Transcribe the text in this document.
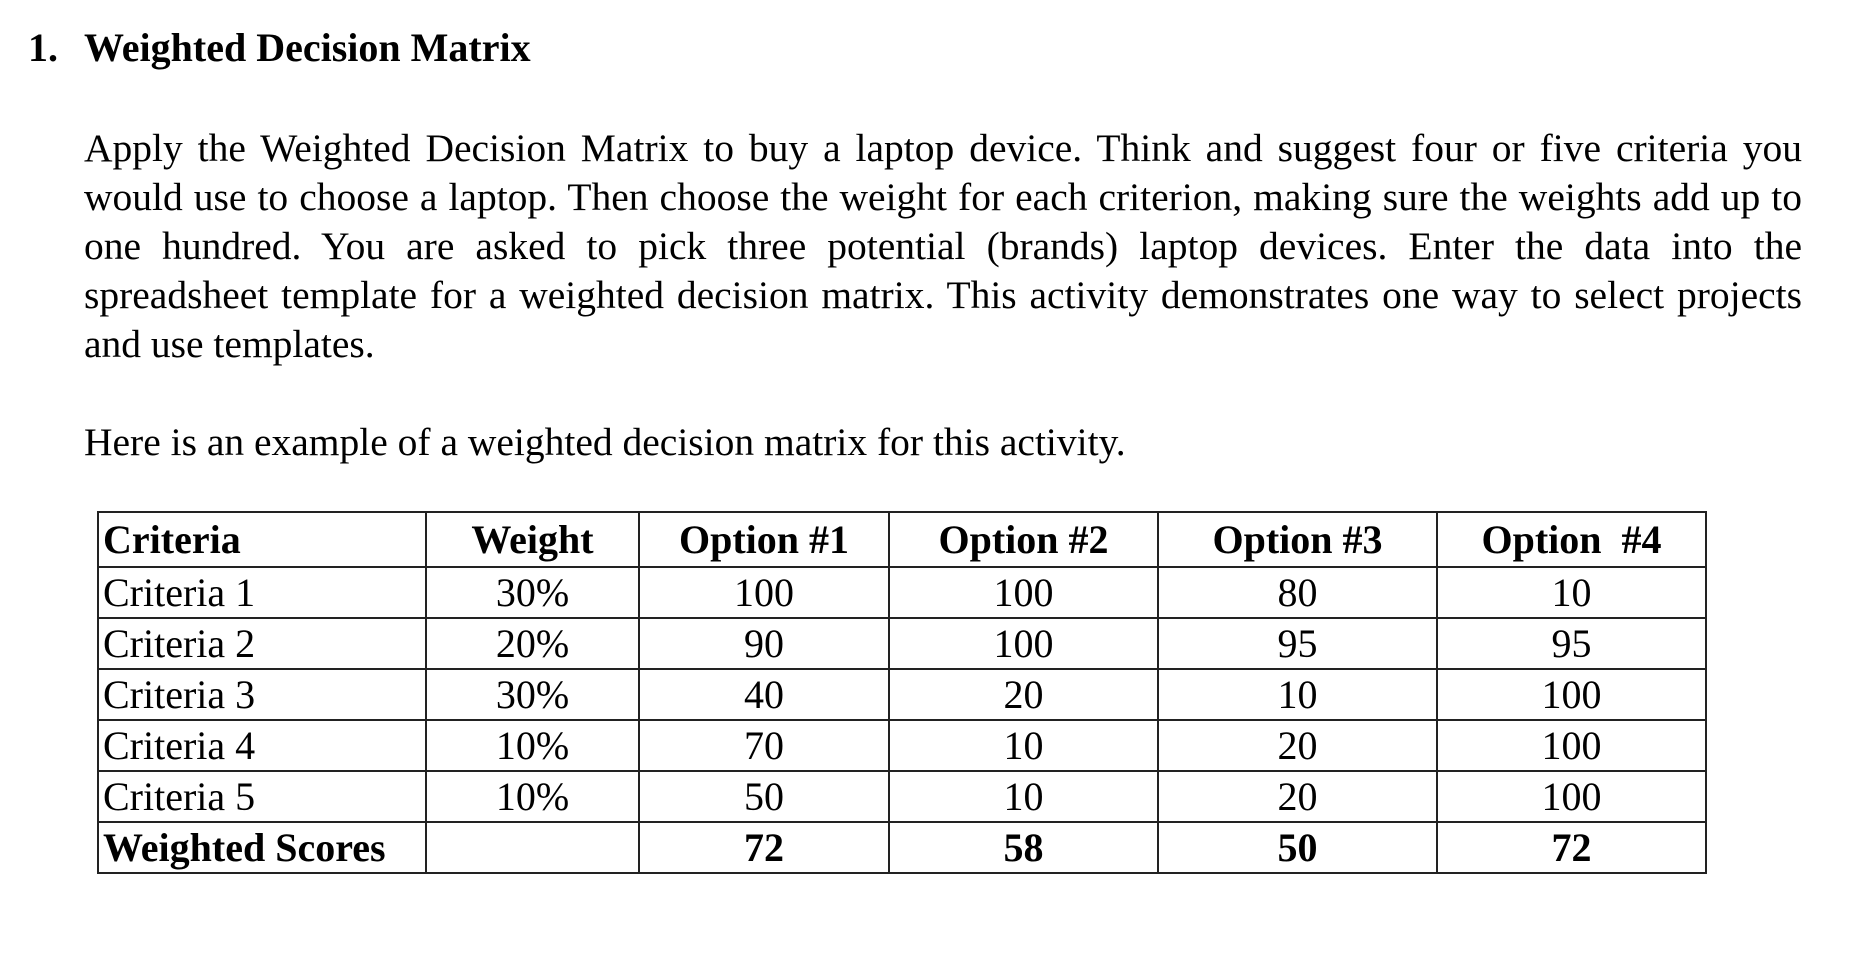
1. Weighted Decision Matrix
Apply the Weighted Decision Matrix to buy a laptop device. Think and suggest four or five criteria you would use to choose a laptop. Then choose the weight for each criterion, making sure the weights add up to one hundred. You are asked to pick three potential (brands) laptop devices. Enter the data into the spreadsheet template for a weighted decision matrix. This activity demonstrates one way to select projects and use templates.
Here is an example of a weighted decision matrix for this activity.
Criteria	Weight	Option #1	Option #2	Option #3	Option  #4
Criteria 1	30%	100	100	80	10
Criteria 2	20%	90	100	95	95
Criteria 3	30%	40	20	10	100
Criteria 4	10%	70	10	20	100
Criteria 5	10%	50	10	20	100
Weighted Scores		72	58	50	72
